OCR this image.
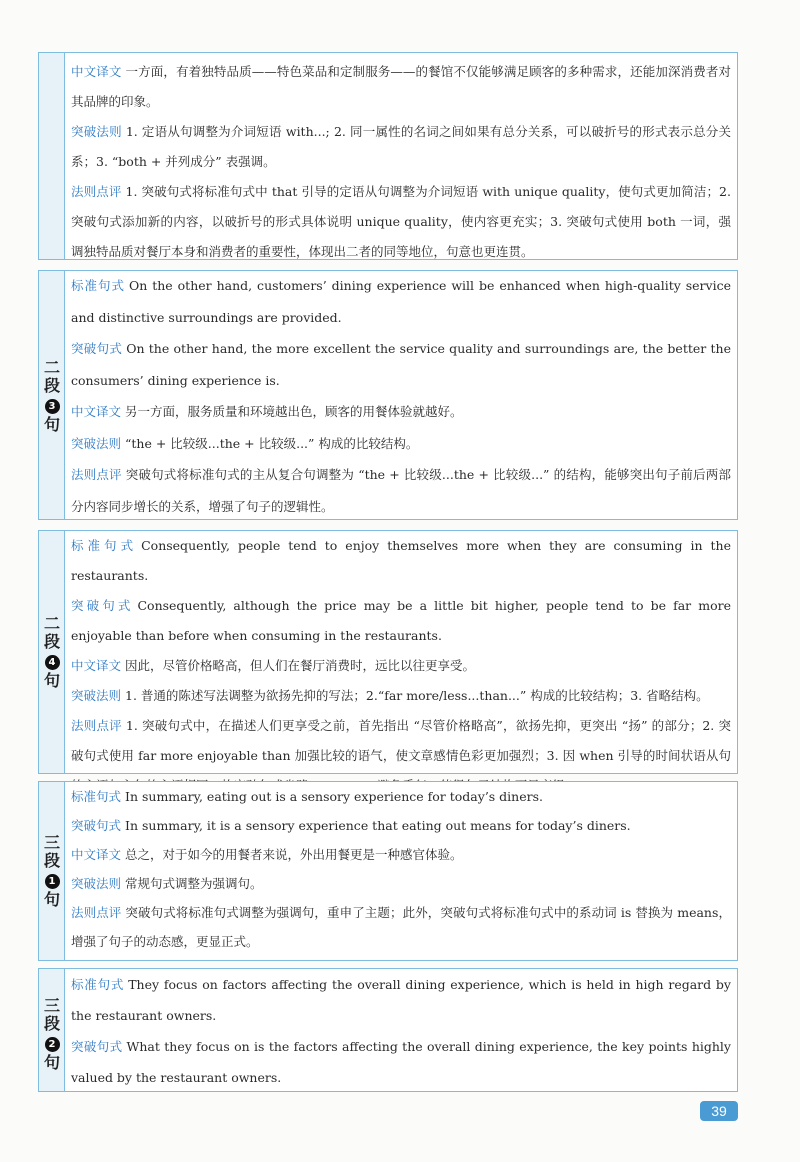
中文译文 一方面，有着独特品质——特色菜品和定制服务——的餐馆不仅能够满足顾客的多种需求，还能加深消费者对其品牌的印象。

突破法则 1. 定语从句调整为介词短语 with...; 2. 同一属性的名词之间如果有总分关系，可以破折号的形式表示总分关系；3. “both + 并列成分” 表强调。

法则点评 1. 突破句式将标准句式中 that 引导的定语从句调整为介词短语 with unique quality，使句式更加简洁；2. 突破句式添加新的内容，以破折号的形式具体说明 unique quality，使内容更充实；3. 突破句式使用 both 一词，强调独特品质对餐厅本身和消费者的重要性，体现出二者的同等地位，句意也更连贯。

二
段
3
句

标准句式 On the other hand, customers’ dining experience will be enhanced when high-quality service and distinctive surroundings are provided.

突破句式 On the other hand, the more excellent the service quality and surroundings are, the better the consumers’ dining experience is.

中文译文 另一方面，服务质量和环境越出色，顾客的用餐体验就越好。

突破法则 “the + 比较级...the + 比较级...” 构成的比较结构。

法则点评 突破句式将标准句式的主从复合句调整为 “the + 比较级...the + 比较级...” 的结构，能够突出句子前后两部分内容同步增长的关系，增强了句子的逻辑性。

二
段
4
句

标准句式 Consequently, people tend to enjoy themselves more when they are consuming in the restaurants.

突破句式 Consequently, although the price may be a little bit higher, people tend to be far more enjoyable than before when consuming in the restaurants.

中文译文 因此，尽管价格略高，但人们在餐厅消费时，远比以往更享受。

突破法则 1. 普通的陈述写法调整为欲扬先抑的写法；2.“far more/less...than...” 构成的比较结构；3. 省略结构。

法则点评 1. 突破句式中，在描述人们更享受之前，首先指出 “尽管价格略高”，欲扬先抑，更突出 “扬” 的部分；2. 突破句式使用 far more enjoyable than 加强比较的语气，使文章感情色彩更加强烈；3. 因 when 引导的时间状语从句

三
段
1
句

标准句式 In summary, eating out is a sensory experience for today’s diners.

突破句式 In summary, it is a sensory experience that eating out means for today’s diners.

中文译文 总之，对于如今的用餐者来说，外出用餐更是一种感官体验。

突破法则 常规句式调整为强调句。

法则点评 突破句式将标准句式调整为强调句，重申了主题；此外，突破句式将标准句式中的系动词 is 替换为 means，增强了句子的动态感，更显正式。

三
段
2
句

标准句式 They focus on factors affecting the overall dining experience, which is held in high regard by the restaurant owners.

突破句式 What they focus on is the factors affecting the overall dining experience, the key points highly valued by the restaurant owners.

39
